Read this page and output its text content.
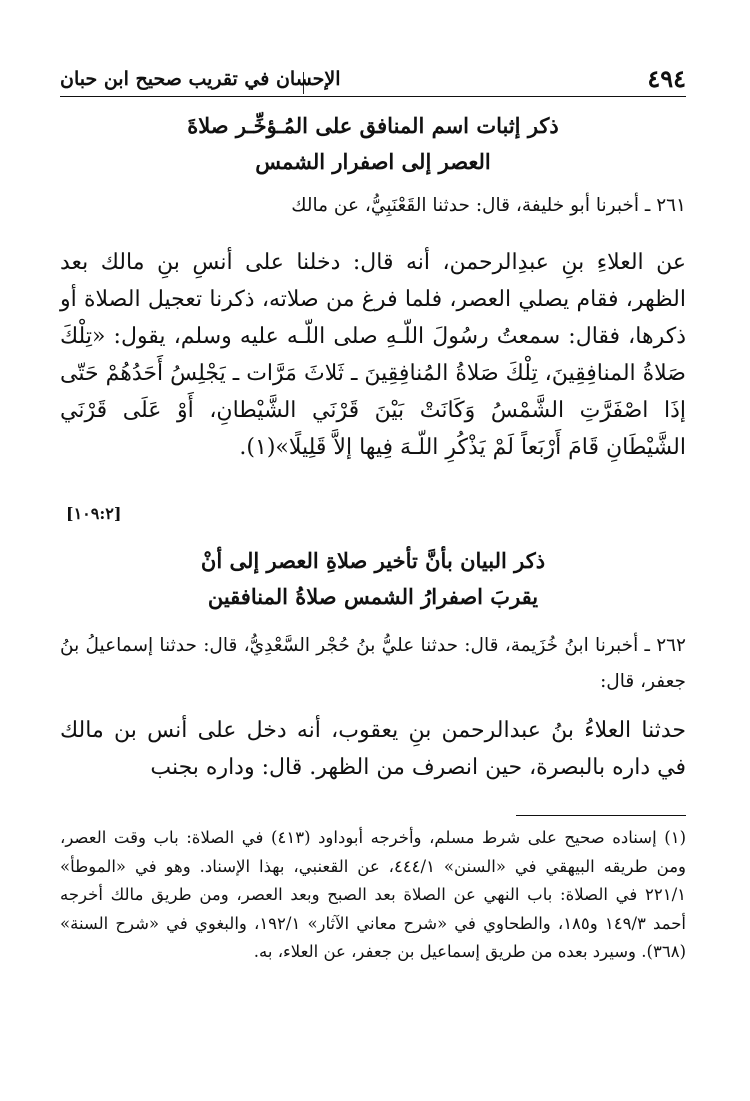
٤٩٤
الإحسان في تقريب صحيح ابن حبان
ذكر إثبات اسم المنافق على المُـؤخِّـر صلاةَ
العصر إلى اصفرار الشمس
٢٦١ ـ أخبرنا أبو خليفة، قال: حدثنا القَعْنَبِيُّ، عن مالك
عن العلاءِ بنِ عبدِالرحمن، أنه قال: دخلنا على أنسِ بنِ مالك بعد الظهر، فقام يصلي العصر، فلما فرغ من صلاته، ذكرنا تعجيل الصلاة أو ذكرها، فقال: سمعتُ رسُولَ اللّـهِ صلى اللّـه عليه وسلم، يقول: «تِلْكَ صَلاةُ المنافِقِينَ، تِلْكَ صَلاةُ المُنافِقِينَ ـ ثَلاثَ مَرَّات ـ يَجْلِسُ أَحَدُهُمْ حَتّى إذَا اصْفَرَّتِ الشَّمْسُ وَكَانَتْ بَيْنَ قَرْنَي الشَّيْطانِ، أَوْ عَلَى قَرْنَي الشَّيْطَانِ قَامَ أَرْبَعاً لَمْ يَذْكُرِ اللّـهَ فِيها إلاَّ قَلِيلًا»(١).
[١٠٩:٢]
ذكر البيان بأنَّ تأخير صلاةِ العصر إلى أنْ
يقربَ اصفرارُ الشمس صلاةُ المنافقين
٢٦٢ ـ أخبرنا ابنُ خُزَيمة، قال: حدثنا عليُّ بنُ حُجْر السَّعْدِيُّ، قال: حدثنا إسماعيلُ بنُ جعفر، قال:
حدثنا العلاءُ بنُ عبدالرحمن بنِ يعقوب، أنه دخل على أنس بن مالك في داره بالبصرة، حين انصرف من الظهر. قال: وداره بجنب
(١) إسناده صحيح على شرط مسلم، وأخرجه أبوداود (٤١٣) في الصلاة: باب وقت العصر، ومن طريقه البيهقي في «السنن» ٤٤٤/١، عن القعنبي، بهذا الإسناد. وهو في «الموطأ» ٢٢١/١ في الصلاة: باب النهي عن الصلاة بعد الصبح وبعد العصر، ومن طريق مالك أخرجه أحمد ١٤٩/٣ و١٨٥، والطحاوي في «شرح معاني الآثار» ١٩٢/١، والبغوي في «شرح السنة» (٣٦٨). وسيرد بعده من طريق إسماعيل بن جعفر، عن العلاء، به.
